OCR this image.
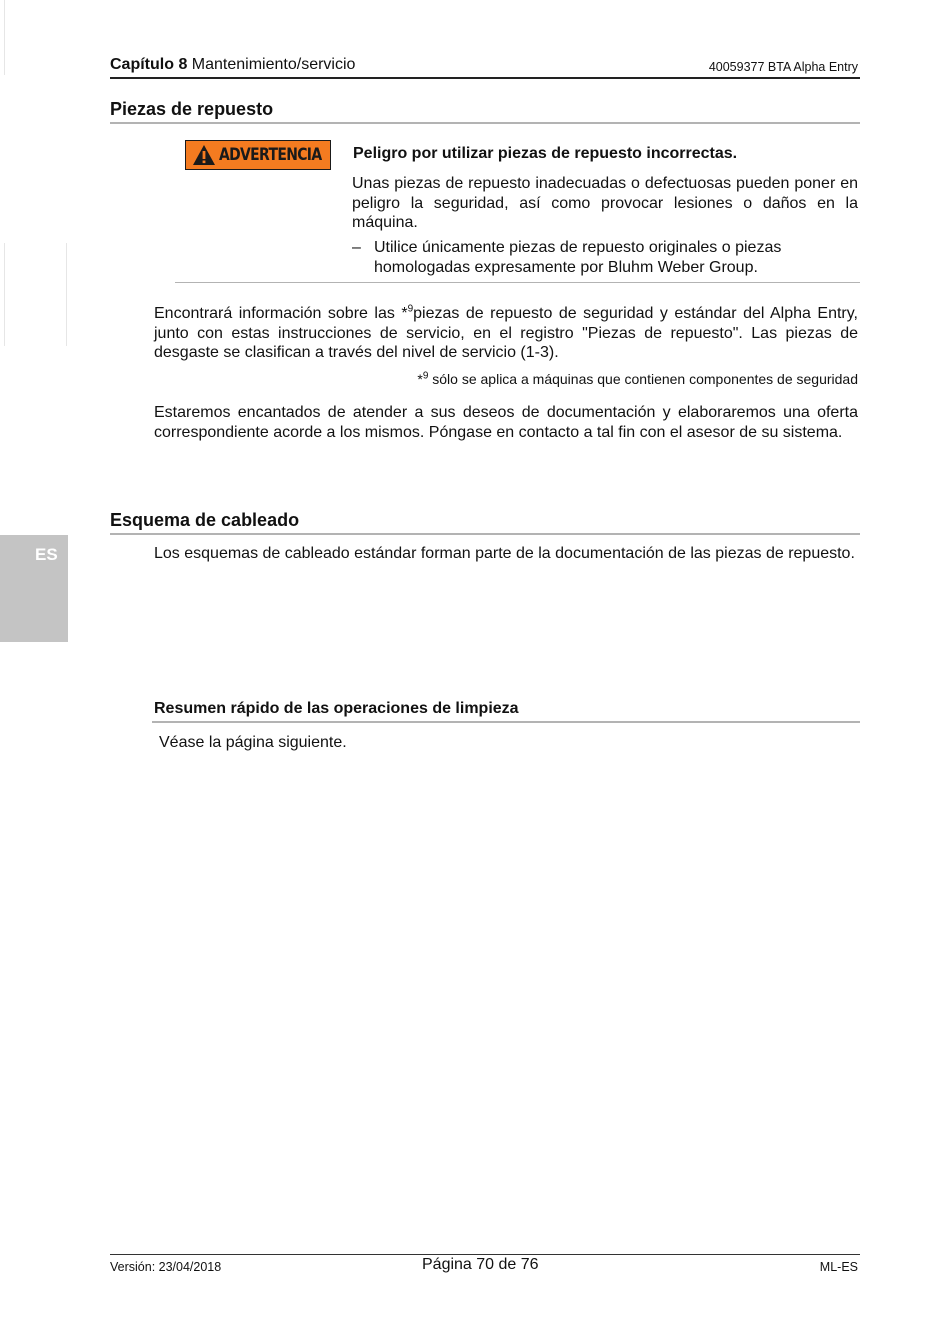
Capítulo 8 Mantenimiento/servicio	40059377 BTA Alpha Entry
Piezas de repuesto
ADVERTENCIA Peligro por utilizar piezas de repuesto incorrectas.
Unas piezas de repuesto inadecuadas o defectuosas pueden poner en peligro la seguridad, así como provocar lesiones o daños en la máquina.
– Utilice únicamente piezas de repuesto originales o piezas homologadas expresamente por Bluhm Weber Group.
Encontrará información sobre las *$^9$piezas de repuesto de seguridad y estándar del Alpha Entry, junto con estas instrucciones de servicio, en el registro "Piezas de repuesto". Las piezas de desgaste se clasifican a través del nivel de servicio (1-3).
*$^9$ sólo se aplica a máquinas que contienen componentes de seguridad
Estaremos encantados de atender a sus deseos de documentación y elaboraremos una oferta correspondiente acorde a los mismos. Póngase en contacto a tal fin con el asesor de su sistema.
Esquema de cableado
ES	Los esquemas de cableado estándar forman parte de la documentación de las piezas de repuesto.
Resumen rápido de las operaciones de limpieza
Véase la página siguiente.
Versión: 23/04/2018	Página 70 de 76	ML-ES
